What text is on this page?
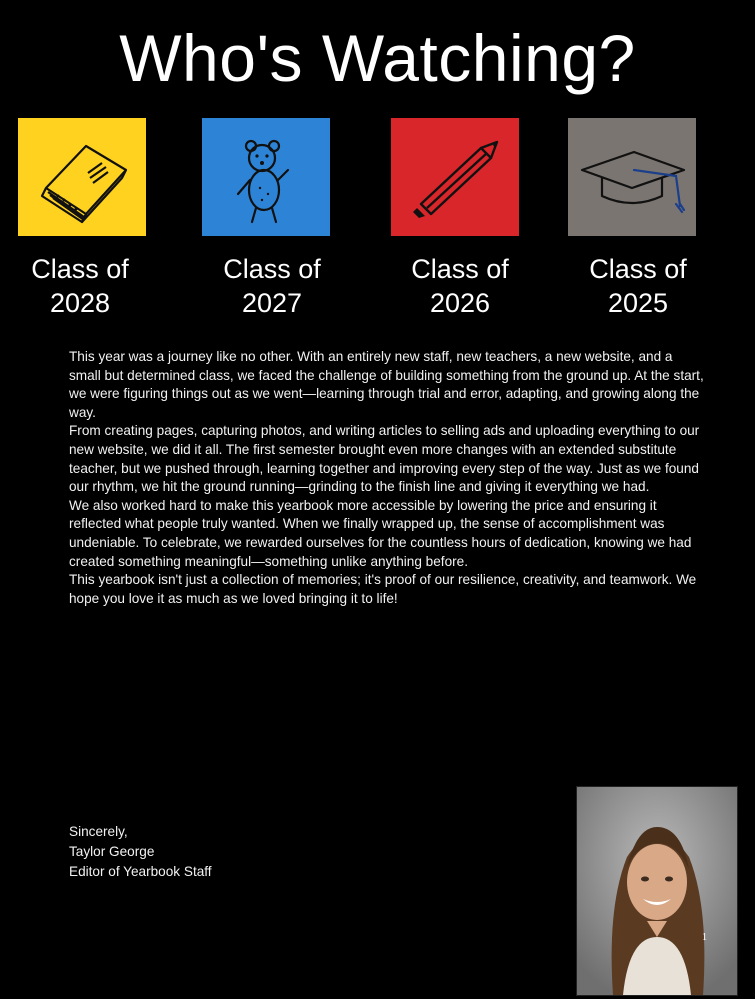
Who's Watching?
Class of
2028
Class of
2027
Class of
2026
Class of
2025

This year was a journey like no other. With an entirely new staff, new teachers, a new website, and a small but determined class, we faced the challenge of building something from the ground up. At the start, we were figuring things out as we went—learning through trial and error, adapting, and growing along the way.

From creating pages, capturing photos, and writing articles to selling ads and uploading everything to our new website, we did it all. The first semester brought even more changes with an extended substitute teacher, but we pushed through, learning together and improving every step of the way. Just as we found our rhythm, we hit the ground running—grinding to the finish line and giving it everything we had.

We also worked hard to make this yearbook more accessible by lowering the price and ensuring it reflected what people truly wanted. When we finally wrapped up, the sense of accomplishment was undeniable. To celebrate, we rewarded ourselves for the countless hours of dedication, knowing we had created something meaningful—something unlike anything before.

This yearbook isn't just a collection of memories; it's proof of our resilience, creativity, and teamwork. We hope you love it as much as we loved bringing it to life!

Sincerely,
Taylor George
Editor of Yearbook Staff
1
